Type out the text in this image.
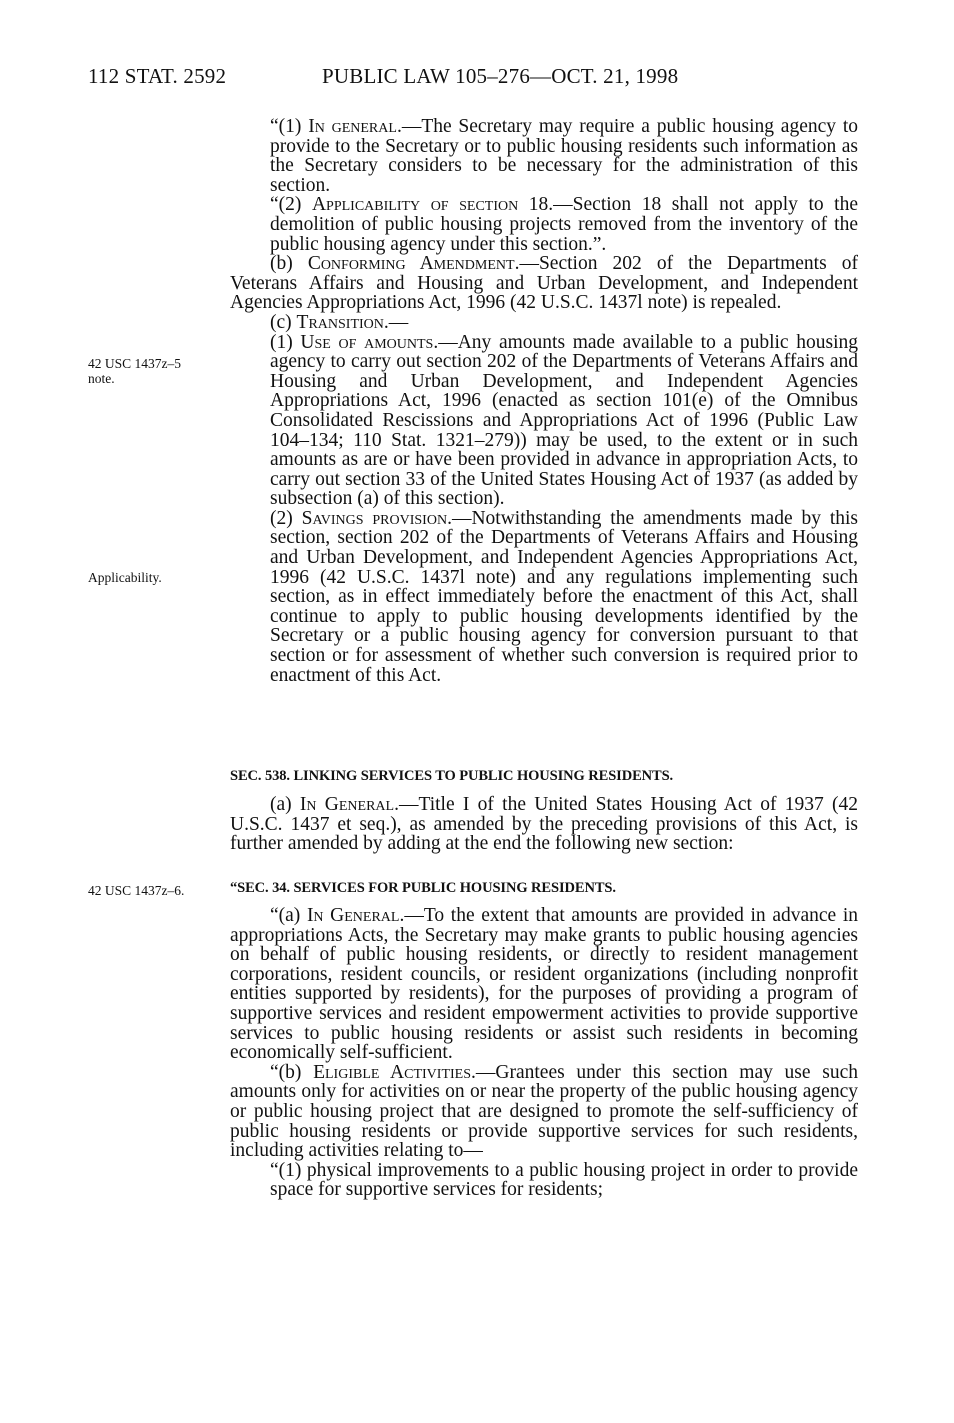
112 STAT. 2592	PUBLIC LAW 105–276—OCT. 21, 1998

“(1) In general.—The Secretary may require a public housing agency to provide to the Secretary or to public housing residents such information as the Secretary considers to be necessary for the administration of this section.

“(2) Applicability of section 18.—Section 18 shall not apply to the demolition of public housing projects removed from the inventory of the public housing agency under this section.”.

(b) Conforming Amendment.—Section 202 of the Departments of Veterans Affairs and Housing and Urban Development, and Independent Agencies Appropriations Act, 1996 (42 U.S.C. 1437l note) is repealed.

(c) Transition.—

(1) Use of amounts.—Any amounts made available to a public housing agency to carry out section 202 of the Departments of Veterans Affairs and Housing and Urban Development, and Independent Agencies Appropriations Act, 1996 (enacted as section 101(e) of the Omnibus Consolidated Rescissions and Appropriations Act of 1996 (Public Law 104–134; 110 Stat. 1321–279)) may be used, to the extent or in such amounts as are or have been provided in advance in appropriation Acts, to carry out section 33 of the United States Housing Act of 1937 (as added by subsection (a) of this section).

(2) Savings provision.—Notwithstanding the amendments made by this section, section 202 of the Departments of Veterans Affairs and Housing and Urban Development, and Independent Agencies Appropriations Act, 1996 (42 U.S.C. 1437l note) and any regulations implementing such section, as in effect immediately before the enactment of this Act, shall continue to apply to public housing developments identified by the Secretary or a public housing agency for conversion pursuant to that section or for assessment of whether such conversion is required prior to enactment of this Act.

42 USC 1437z–5
note.
Applicability.
42 USC 1437z–6.
SEC. 538. LINKING SERVICES TO PUBLIC HOUSING RESIDENTS.

(a) In General.—Title I of the United States Housing Act of 1937 (42 U.S.C. 1437 et seq.), as amended by the preceding provisions of this Act, is further amended by adding at the end the following new section:

“SEC. 34. SERVICES FOR PUBLIC HOUSING RESIDENTS.

“(a) In General.—To the extent that amounts are provided in advance in appropriations Acts, the Secretary may make grants to public housing agencies on behalf of public housing residents, or directly to resident management corporations, resident councils, or resident organizations (including nonprofit entities supported by residents), for the purposes of providing a program of supportive services and resident empowerment activities to provide supportive services to public housing residents or assist such residents in becoming economically self-sufficient.

“(b) Eligible Activities.—Grantees under this section may use such amounts only for activities on or near the property of the public housing agency or public housing project that are designed to promote the self-sufficiency of public housing residents or provide supportive services for such residents, including activities relating to—

“(1) physical improvements to a public housing project in order to provide space for supportive services for residents;
